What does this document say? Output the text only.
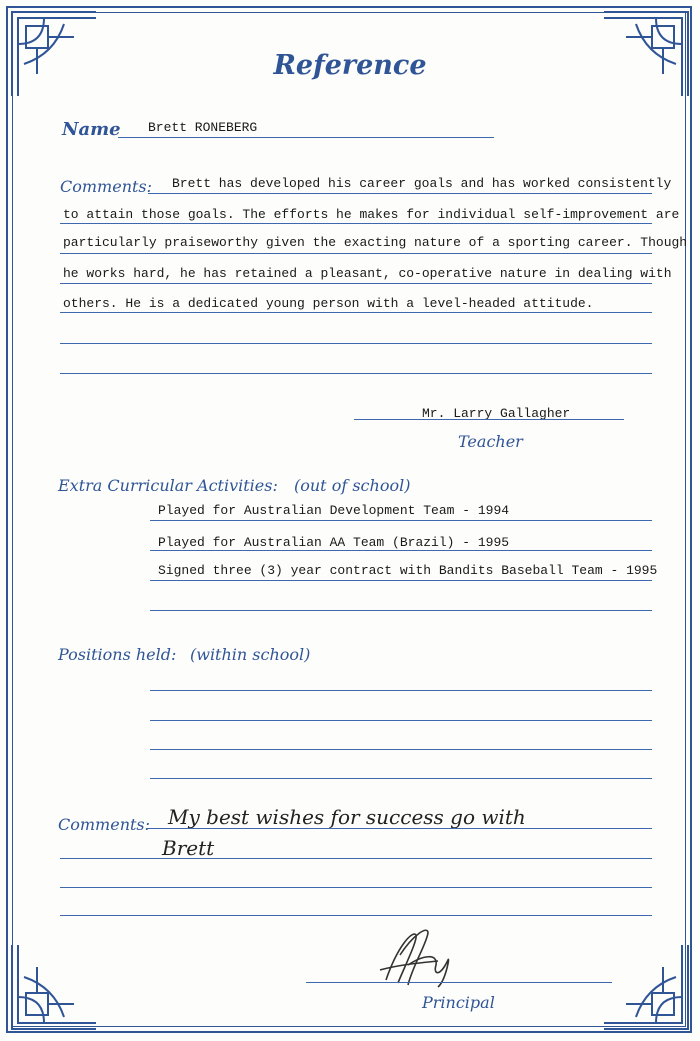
Reference
Name Brett RONEBERG
Comments: Brett has developed his career goals and has worked consistently
to attain those goals. The efforts he makes for individual self-improvement are
particularly praiseworthy given the exacting nature of a sporting career. Though
he works hard, he has retained a pleasant, co-operative nature in dealing with
others. He is a dedicated young person with a level-headed attitude.
Mr. Larry Gallagher
Teacher
Extra Curricular Activities: (out of school)
Played for Australian Development Team - 1994
Played for Australian AA Team (Brazil) - 1995
Signed three (3) year contract with Bandits Baseball Team - 1995
Positions held: (within school)
Comments: My best wishes for success go with
Brett
Principal
